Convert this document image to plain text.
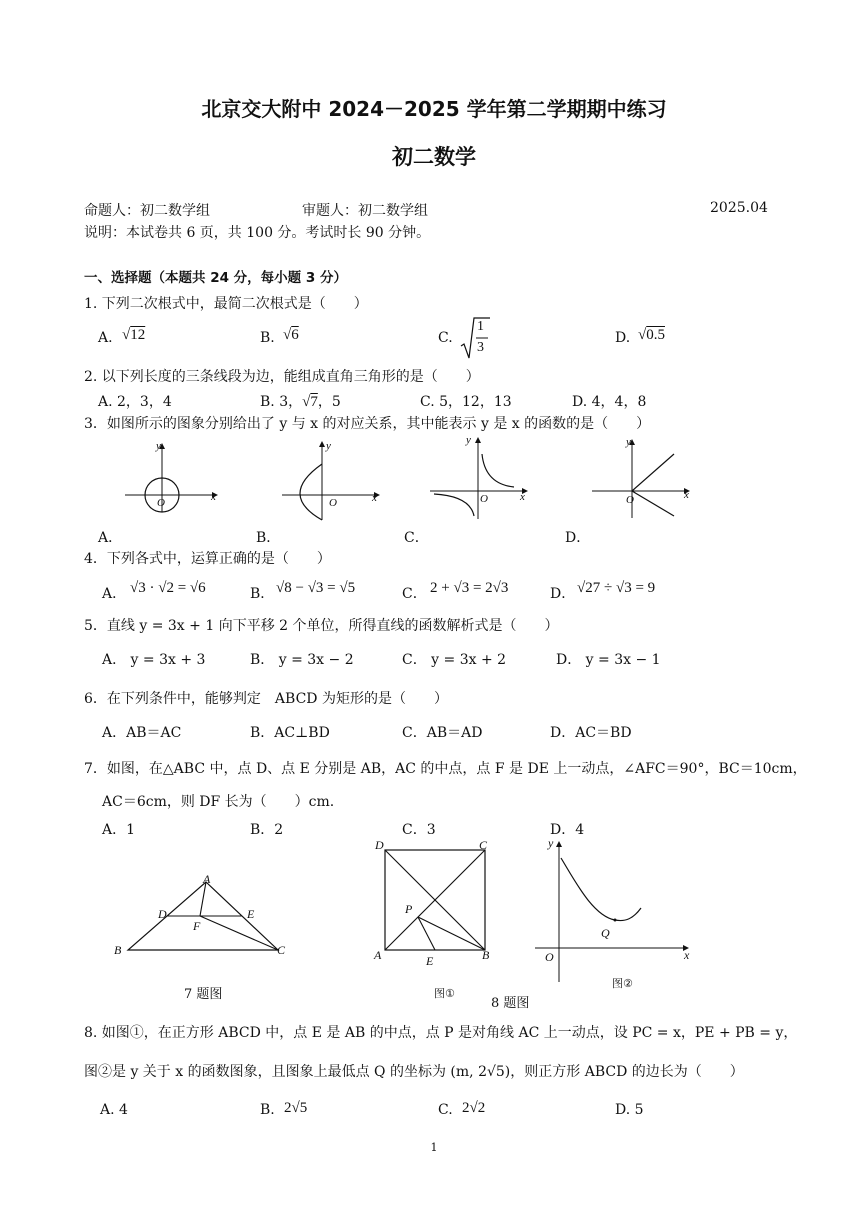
北京交大附中 2024－2025 学年第二学期期中练习
初二数学
命题人：初二数学组	审题人：初二数学组	2025.04
说明：本试卷共 6 页，共 100 分。考试时长 90 分钟。
一、选择题（本题共 24 分，每小题 3 分）
1. 下列二次根式中，最简二次根式是（　　）
A. √12	B. √6	C.
1
3
D. √0.5
2. 以下列长度的三条线段为边，能组成直角三角形的是（　　）
A. 2，3，4	B. 3，√7，5	C. 5，12，13	D. 4，4，8
3．如图所示的图象分别给出了 y 与 x 的对应关系，其中能表示 y 是 x 的函数的是（　　）
y
x
O
y
x
O
y
x
O
y
x
O
A．	B．	C．	D．
4．下列各式中，运算正确的是（　　）
A． √3 · √2 = √6	B． √8 − √3 = √5	C． 2 + √3 = 2√3	D． √27 ÷ √3 = 9
5．直线 y = 3x + 1 向下平移 2 个单位，所得直线的函数解析式是（　　）
A． y = 3x + 3	B． y = 3x − 2	C． y = 3x + 2	D． y = 3x − 1
6．在下列条件中，能够判定　ABCD 为矩形的是（　　）
A．AB＝AC	B．AC⊥BD	C．AB＝AD	D．AC＝BD
7．如图，在△ABC 中，点 D、点 E 分别是 AB，AC 的中点，点 F 是 DE 上一动点，∠AFC＝90°，BC＝10cm，
AC＝6cm，则 DF 长为（　　）cm.
A．1	B．2	C．3	D．4
A
B	C
D	E
F
7 题图
D	C
A	B
E
P
图①
8 题图
y
x
O
Q
图②
8. 如图①，在正方形 ABCD 中，点 E 是 AB 的中点，点 P 是对角线 AC 上一动点，设 PC = x，PE + PB = y，
图②是 y 关于 x 的函数图象，且图象上最低点 Q 的坐标为 (m, 2√5)，则正方形 ABCD 的边长为（　　）
A. 4	B. 2√5	C. 2√2	D. 5
1
